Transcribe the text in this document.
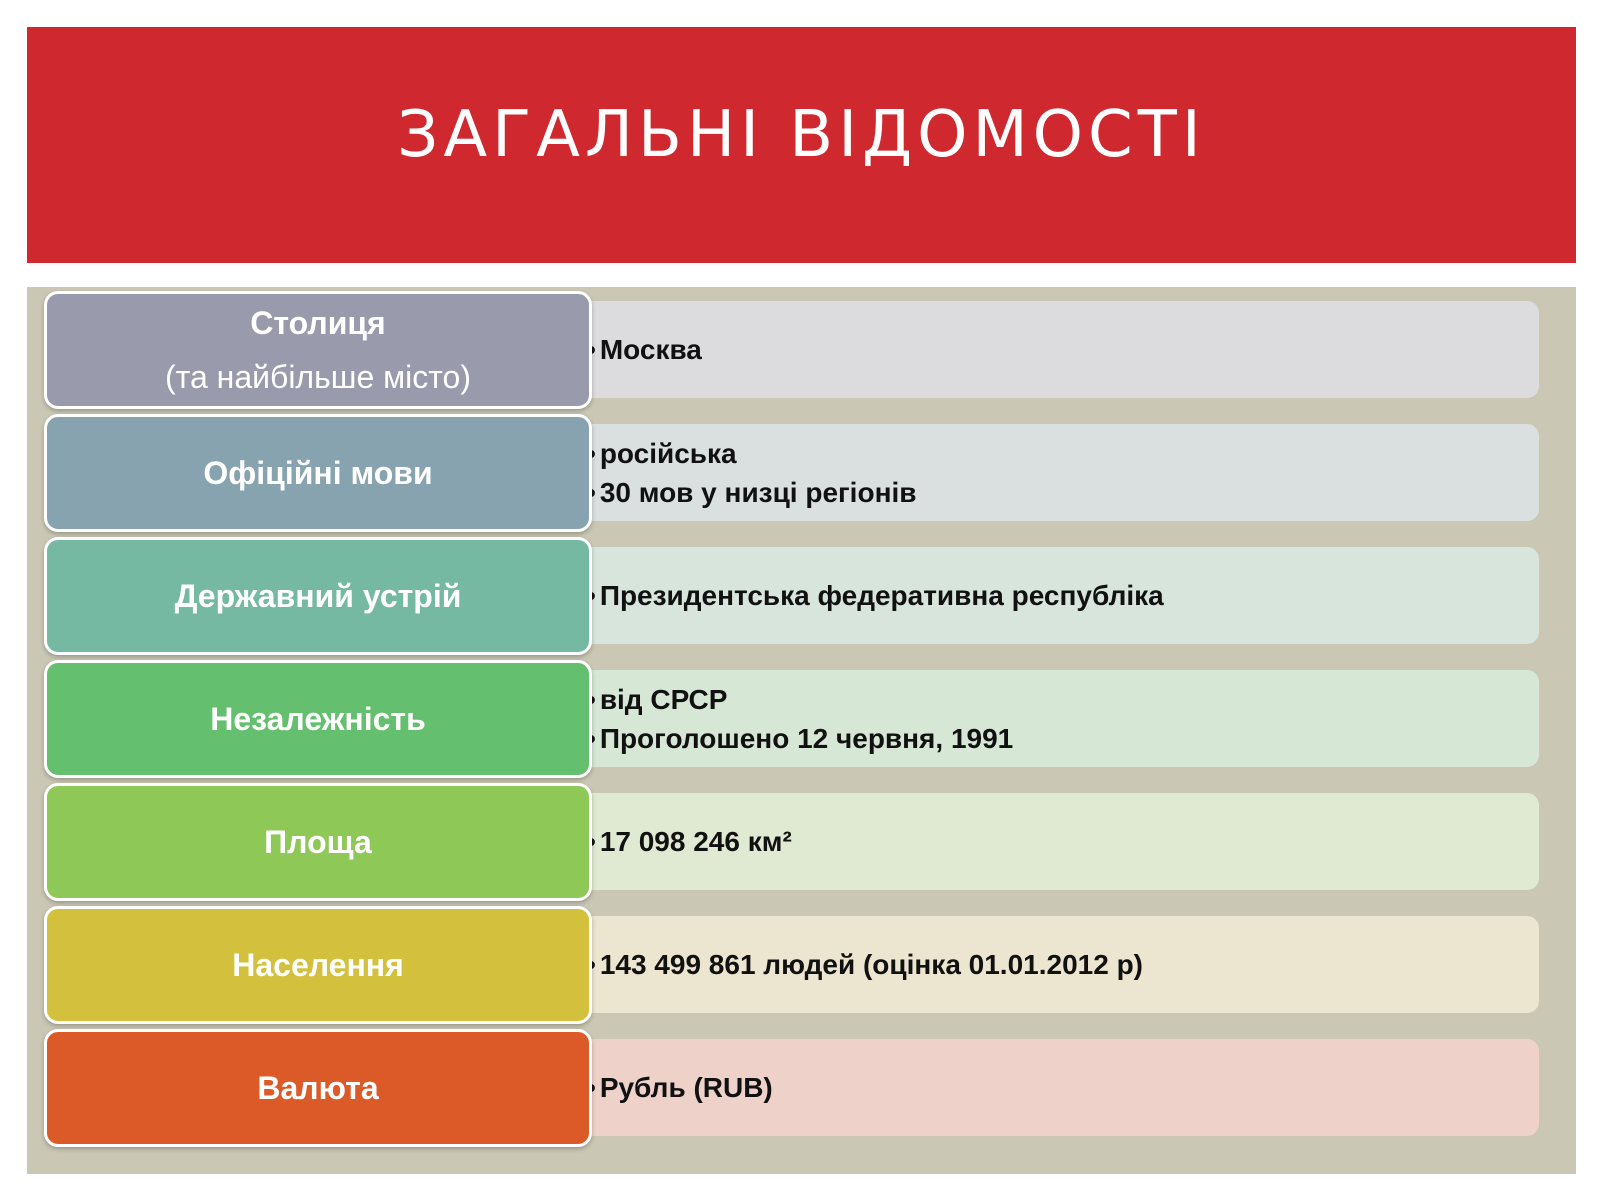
ЗАГАЛЬНІ ВІДОМОСТІ
• Москва
Столиця
(та найбільше місто)
• російська
• 30 мов у низці регіонів
Офіційні мови
• Президентська федеративна республіка
Державний устрій
• від СРСР
• Проголошено 12 червня, 1991
Незалежність
• 17 098 246 км²
Площа
• 143 499 861 людей (оцінка 01.01.2012 р)
Населення
• Рубль (RUB)
Валюта
